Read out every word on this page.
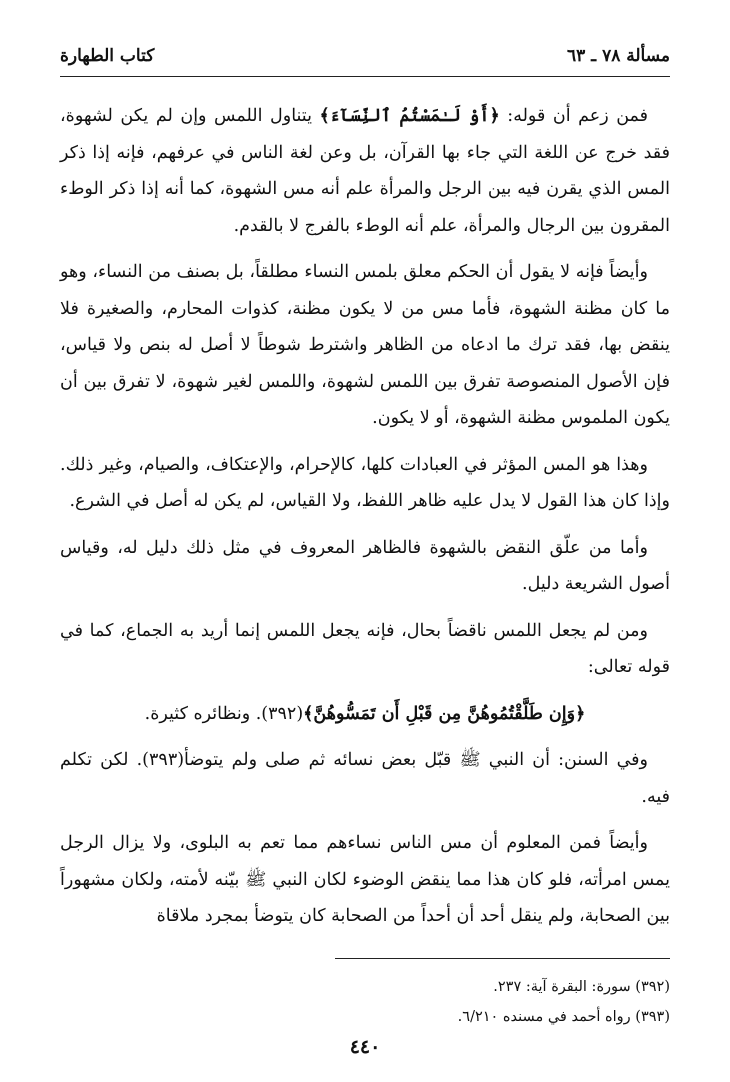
مسألة ٧٨ ـ ٦٣
كتاب الطهارة

فمن زعم أن قوله: ﴿أَوْ لَـٰمَسْتُمُ ٱلنِّسَآءَ﴾ يتناول اللمس وإن لم يكن لشهوة، فقد خرج عن اللغة التي جاء بها القرآن، بل وعن لغة الناس في عرفهم، فإنه إذا ذكر المس الذي يقرن فيه بين الرجل والمرأة علم أنه مس الشهوة، كما أنه إذا ذكر الوطء المقرون بين الرجال والمرأة، علم أنه الوطء بالفرج لا بالقدم.

وأيضاً فإنه لا يقول أن الحكم معلق بلمس النساء مطلقاً، بل بصنف من النساء، وهو ما كان مظنة الشهوة، فأما مس من لا يكون مظنة، كذوات المحارم، والصغيرة فلا ينقض بها، فقد ترك ما ادعاه من الظاهر واشترط شوطاً لا أصل له بنص ولا قياس، فإن الأصول المنصوصة تفرق بين اللمس لشهوة، واللمس لغير شهوة، لا تفرق بين أن يكون الملموس مظنة الشهوة، أو لا يكون.

وهذا هو المس المؤثر في العبادات كلها، كالإحرام، والإعتكاف، والصيام، وغير ذلك. وإذا كان هذا القول لا يدل عليه ظاهر اللفظ، ولا القياس، لم يكن له أصل في الشرع.

وأما من علّق النقض بالشهوة فالظاهر المعروف في مثل ذلك دليل له، وقياس أصول الشريعة دليل.

ومن لم يجعل اللمس ناقضاً بحال، فإنه يجعل اللمس إنما أريد به الجماع، كما في قوله تعالى:

﴿وَإِن طَلَّقْتُمُوهُنَّ مِن قَبْلِ أَن تَمَسُّوهُنَّ﴾(٣٩٢). ونظائره كثيرة.

وفي السنن: أن النبي ﷺ قبّل بعض نسائه ثم صلى ولم يتوضأ(٣٩٣). لكن تكلم فيه.

وأيضاً فمن المعلوم أن مس الناس نساءهم مما تعم به البلوى، ولا يزال الرجل يمس امرأته، فلو كان هذا مما ينقض الوضوء لكان النبي ﷺ بيّنه لأمته، ولكان مشهوراً بين الصحابة، ولم ينقل أحد أن أحداً من الصحابة كان يتوضأ بمجرد ملاقاة

(٣٩٢) سورة: البقرة آية: ٢٣٧.
(٣٩٣) رواه أحمد في مسنده ٦/٢١٠.
٤٤٠
